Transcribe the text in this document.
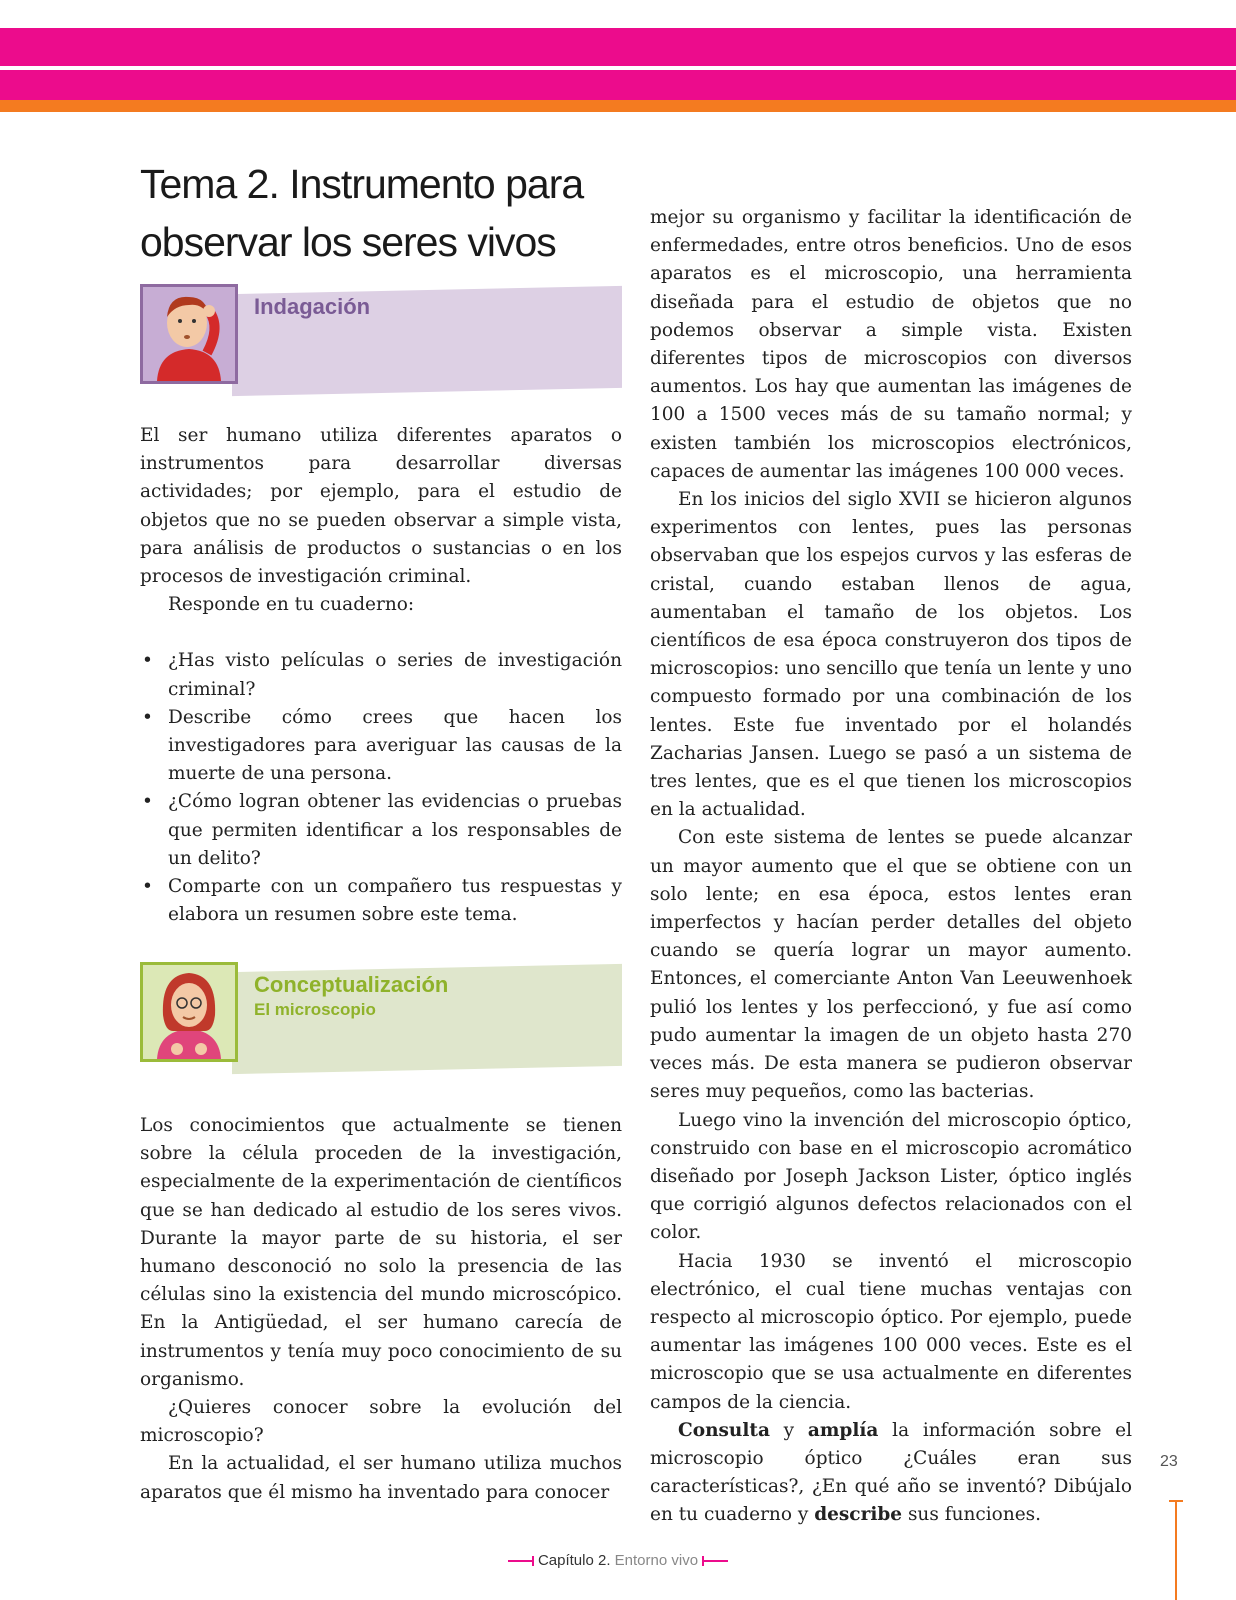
Tema 2. Instrumento para observar los seres vivos
Indagación

El ser humano utiliza diferentes aparatos o instrumentos para desarrollar diversas actividades; por ejemplo, para el estudio de objetos que no se pueden observar a simple vista, para análisis de productos o sustancias o en los procesos de investigación criminal.

Responde en tu cuaderno:

• ¿Has visto películas o series de investigación criminal?
• Describe cómo crees que hacen los investigadores para averiguar las causas de la muerte de una persona.
• ¿Cómo logran obtener las evidencias o pruebas que permiten identificar a los responsables de un delito?
• Comparte con un compañero tus respuestas y elabora un resumen sobre este tema.
Conceptualización
El microscopio

Los conocimientos que actualmente se tienen sobre la célula proceden de la investigación, especialmente de la experimentación de científicos que se han dedicado al estudio de los seres vivos. Durante la mayor parte de su historia, el ser humano desconoció no solo la presencia de las células sino la existencia del mundo microscópico. En la Antigüedad, el ser humano carecía de instrumentos y tenía muy poco conocimiento de su organismo.

¿Quieres conocer sobre la evolución del microscopio?

En la actualidad, el ser humano utiliza muchos aparatos que él mismo ha inventado para conocer

mejor su organismo y facilitar la identificación de enfermedades, entre otros beneficios. Uno de esos aparatos es el microscopio, una herramienta diseñada para el estudio de objetos que no podemos observar a simple vista. Existen diferentes tipos de microscopios con diversos aumentos. Los hay que aumentan las imágenes de 100 a 1500 veces más de su tamaño normal; y existen también los microscopios electrónicos, capaces de aumentar las imágenes 100 000 veces.

En los inicios del siglo XVII se hicieron algunos experimentos con lentes, pues las personas observaban que los espejos curvos y las esferas de cristal, cuando estaban llenos de agua, aumentaban el tamaño de los objetos. Los científicos de esa época construyeron dos tipos de microscopios: uno sencillo que tenía un lente y uno compuesto formado por una combinación de los lentes. Este fue inventado por el holandés Zacharias Jansen. Luego se pasó a un sistema de tres lentes, que es el que tienen los microscopios en la actualidad.

Con este sistema de lentes se puede alcanzar un mayor aumento que el que se obtiene con un solo lente; en esa época, estos lentes eran imperfectos y hacían perder detalles del objeto cuando se quería lograr un mayor aumento. Entonces, el comerciante Anton Van Leeuwenhoek pulió los lentes y los perfeccionó, y fue así como pudo aumentar la imagen de un objeto hasta 270 veces más. De esta manera se pudieron observar seres muy pequeños, como las bacterias.

Luego vino la invención del microscopio óptico, construido con base en el microscopio acromático diseñado por Joseph Jackson Lister, óptico inglés que corrigió algunos defectos relacionados con el color.

Hacia 1930 se inventó el microscopio electrónico, el cual tiene muchas ventajas con respecto al microscopio óptico. Por ejemplo, puede aumentar las imágenes 100 000 veces. Este es el microscopio que se usa actualmente en diferentes campos de la ciencia.

Consulta y amplía la información sobre el microscopio óptico ¿Cuáles eran sus características?, ¿En qué año se inventó? Dibújalo en tu cuaderno y describe sus funciones.

23
Capítulo 2. Entorno vivo
